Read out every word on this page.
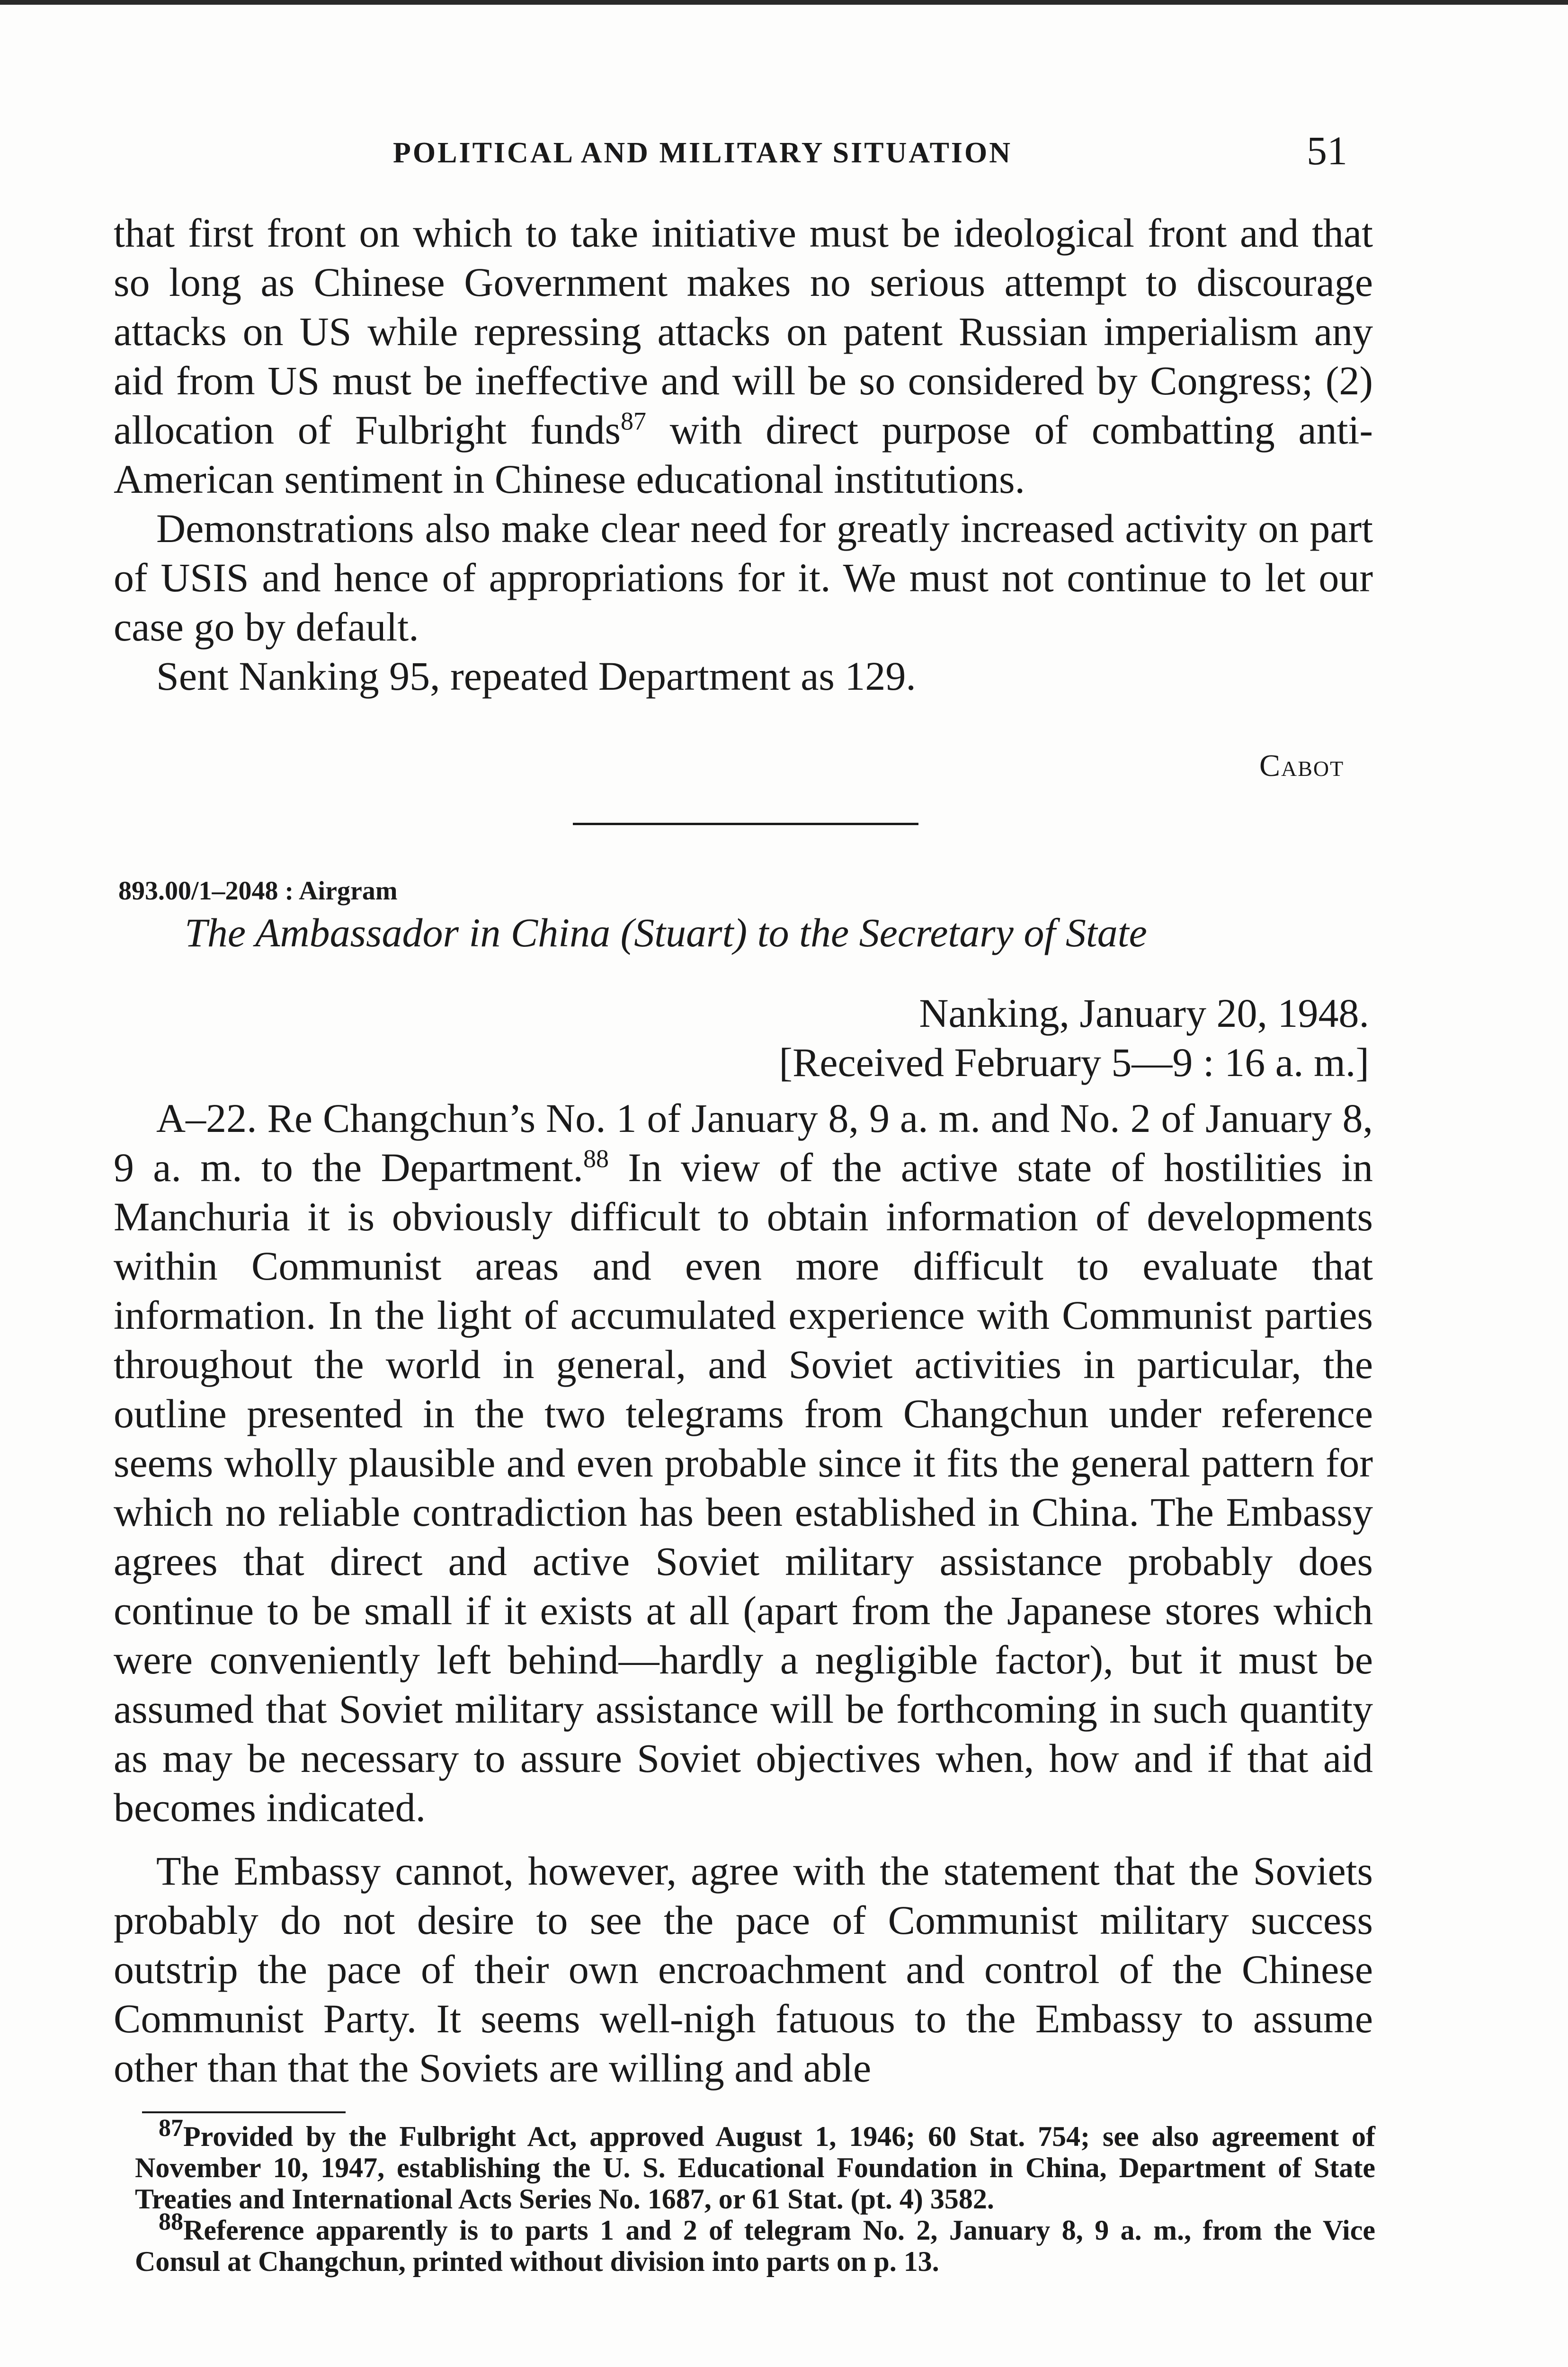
POLITICAL AND MILITARY SITUATION	51

that first front on which to take initiative must be ideological front and that so long as Chinese Government makes no serious attempt to discourage attacks on US while repressing attacks on patent Russian imperialism any aid from US must be ineffective and will be so considered by Congress; (2) allocation of Fulbright funds$^{87}$ with direct purpose of combatting anti-American sentiment in Chinese educational institutions.

Demonstrations also make clear need for greatly increased activity on part of USIS and hence of appropriations for it. We must not continue to let our case go by default.

Sent Nanking 95, repeated Department as 129.

Cabot
893.00/1–2048 : Airgram
The Ambassador in China (Stuart) to the Secretary of State
Nanking, January 20, 1948.
[Received February 5—9 : 16 a. m.]

A–22. Re Changchun’s No. 1 of January 8, 9 a. m. and No. 2 of January 8, 9 a. m. to the Department.$^{88}$ In view of the active state of hostilities in Manchuria it is obviously difficult to obtain information of developments within Communist areas and even more difficult to evaluate that information. In the light of accumulated experience with Communist parties throughout the world in general, and Soviet activities in particular, the outline presented in the two telegrams from Changchun under reference seems wholly plausible and even probable since it fits the general pattern for which no reliable contradiction has been established in China. The Embassy agrees that direct and active Soviet military assistance probably does continue to be small if it exists at all (apart from the Japanese stores which were conveniently left behind—hardly a negligible factor), but it must be assumed that Soviet military assistance will be forthcoming in such quantity as may be necessary to assure Soviet objectives when, how and if that aid becomes indicated.

The Embassy cannot, however, agree with the statement that the Soviets probably do not desire to see the pace of Communist military success outstrip the pace of their own encroachment and control of the Chinese Communist Party. It seems well-nigh fatuous to the Embassy to assume other than that the Soviets are willing and able

87Provided by the Fulbright Act, approved August 1, 1946; 60 Stat. 754; see also agreement of November 10, 1947, establishing the U. S. Educational Foundation in China, Department of State Treaties and International Acts Series No. 1687, or 61 Stat. (pt. 4) 3582.

88Reference apparently is to parts 1 and 2 of telegram No. 2, January 8, 9 a. m., from the Vice Consul at Changchun, printed without division into parts on p. 13.
